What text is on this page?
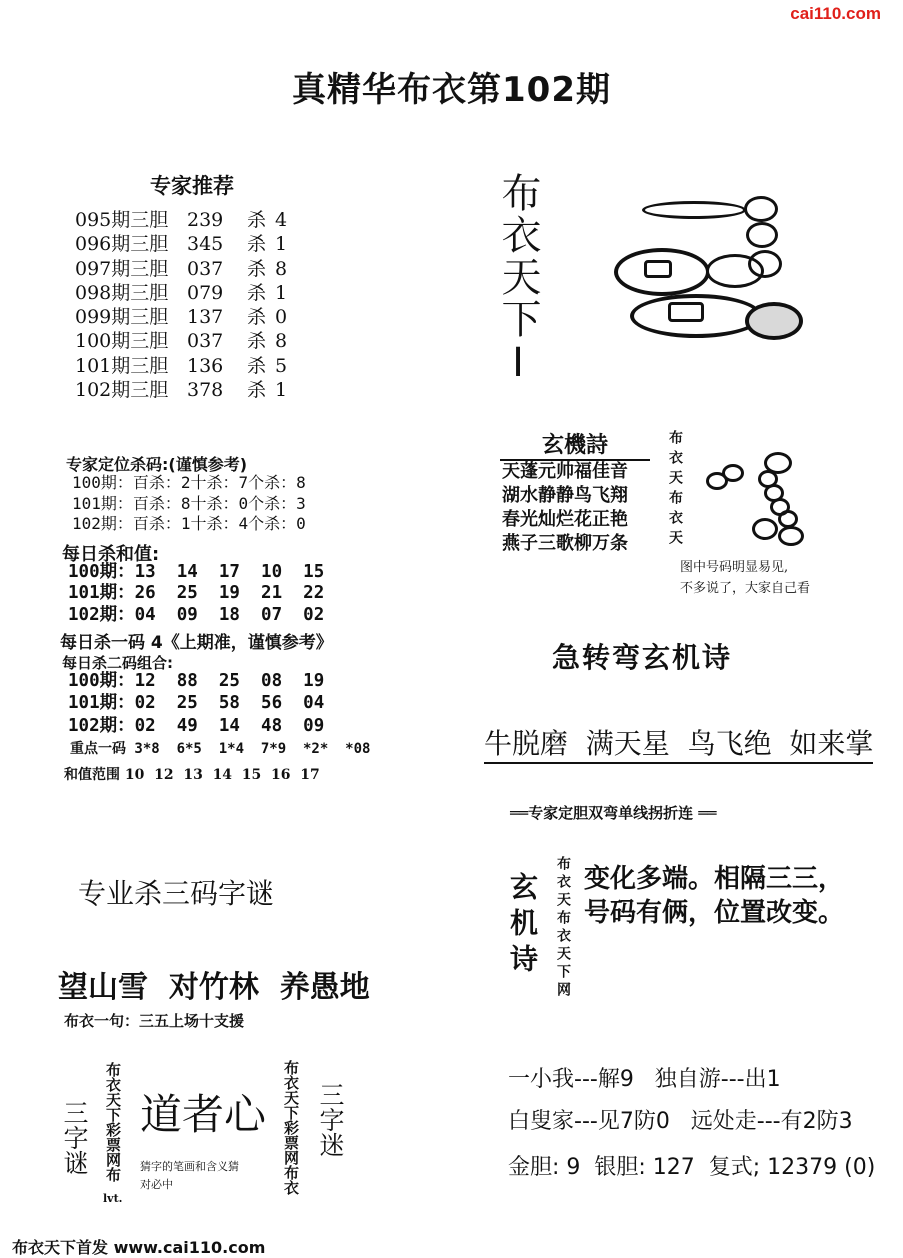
cai110.com
真精华布衣第102期
专家推荐
095期三胆 239 杀 4
096期三胆 345 杀 1
097期三胆 037 杀 8
098期三胆 079 杀 1
099期三胆 137 杀 0
100期三胆 037 杀 8
101期三胆 136 杀 5
102期三胆 378 杀 1
专家定位杀码:(谨慎参考)
100期：百杀：2十杀：7个杀：8
101期：百杀：8十杀：0个杀：3
102期：百杀：1十杀：4个杀：0
每日杀和值:
100期：13  14  17  10  15
101期：26  25  19  21  22
102期：04  09  18  07  02
每日杀一码 4《上期准，谨慎参考》
每日杀二码组合:
100期：12  88  25  08  19
101期：02  25  58  56  04
102期：02  49  14  48  09
重点一码 3*8  6*5  1*4  7*9  *2*  *08
和值范围 10  12  13  14  15  16  17
专业杀三码字谜
望山雪  对竹林  养愚地
布衣一句：三五上场十支援
三字谜 布衣天下彩票网布
lvt.
道者心
猜字的笔画和含义猜
对必中	布衣天下彩票网布衣 三字迷
布衣天下I
玄機詩
天蓬元帅福佳音
湖水静静鸟飞翔
春光灿烂花正艳
燕子三歌柳万条	布衣天布衣天
图中号码明显易见,
不多说了，大家自己看
急转弯玄机诗
牛脱磨  满天星  鸟飞绝  如来掌
══专家定胆双弯单线拐折连 ══
玄机诗 布衣天布衣天下网 变化多端。相隔三三，
号码有俩，位置改变。
一小我---解9   独自游---出1
白叟家---见7防0   远处走---有2防3
金胆: 9  银胆: 127  复式; 12379 (0)
布衣天下首发 www.cai110.com
